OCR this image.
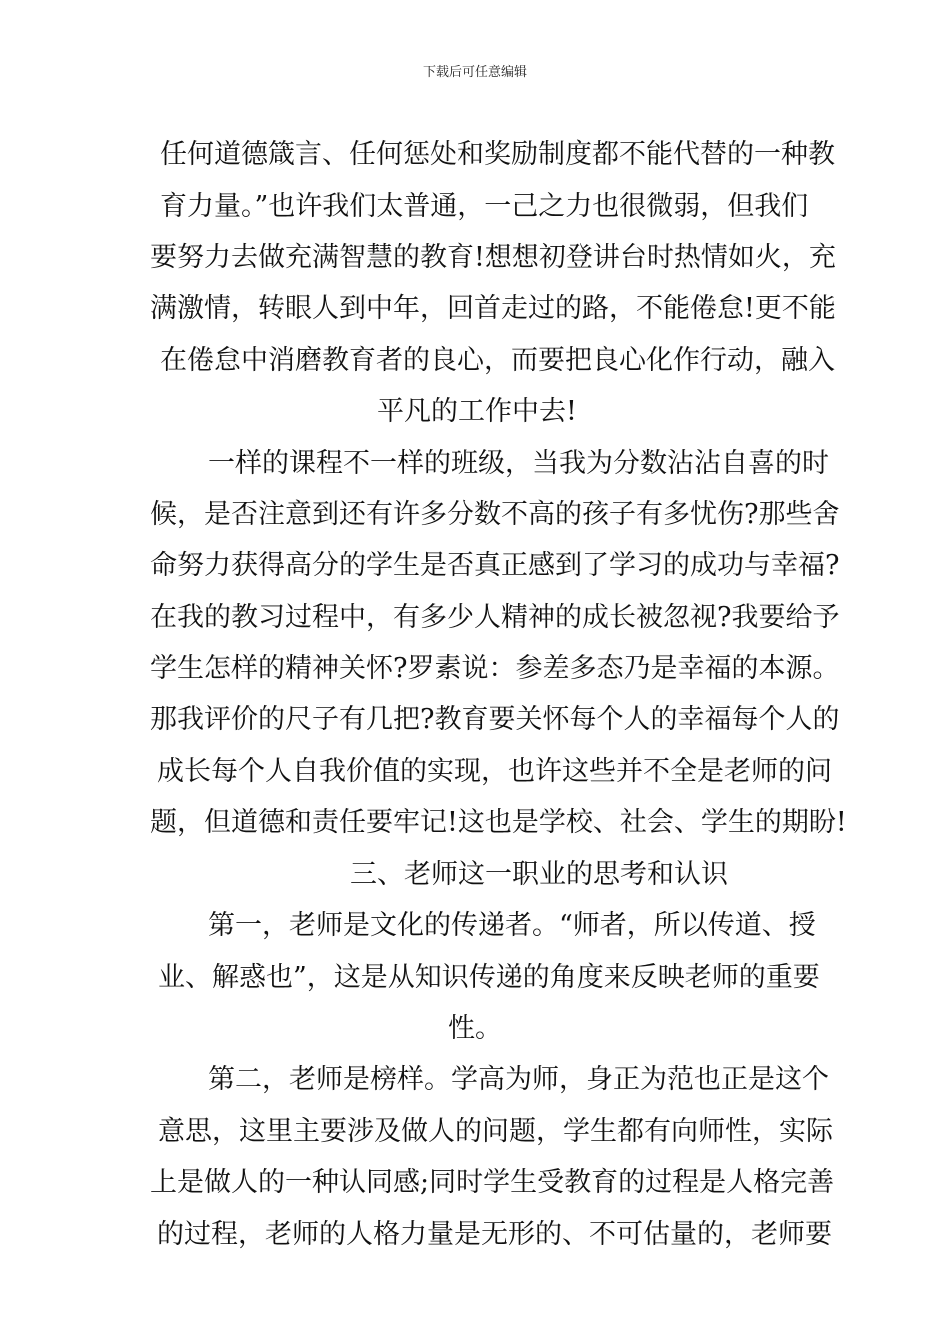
下载后可任意编辑
任何道德箴言、任何惩处和奖励制度都不能代替的一种教
育力量。”也许我们太普通，一己之力也很微弱，但我们
要努力去做充满智慧的教育!想想初登讲台时热情如火，充
满激情，转眼人到中年，回首走过的路，不能倦怠!更不能
在倦怠中消磨教育者的良心，而要把良心化作行动，融入
平凡的工作中去!
一样的课程不一样的班级，当我为分数沾沾自喜的时
候，是否注意到还有许多分数不高的孩子有多忧伤?那些舍
命努力获得高分的学生是否真正感到了学习的成功与幸福?
在我的教习过程中，有多少人精神的成长被忽视?我要给予
学生怎样的精神关怀?罗素说：参差多态乃是幸福的本源。
那我评价的尺子有几把?教育要关怀每个人的幸福每个人的
成长每个人自我价值的实现，也许这些并不全是老师的问
题，但道德和责任要牢记!这也是学校、社会、学生的期盼!
三、老师这一职业的思考和认识
第一，老师是文化的传递者。“师者，所以传道、授
业、解惑也”，这是从知识传递的角度来反映老师的重要
性。
第二，老师是榜样。学高为师，身正为范也正是这个
意思，这里主要涉及做人的问题，学生都有向师性，实际
上是做人的一种认同感;同时学生受教育的过程是人格完善
的过程，老师的人格力量是无形的、不可估量的，老师要
